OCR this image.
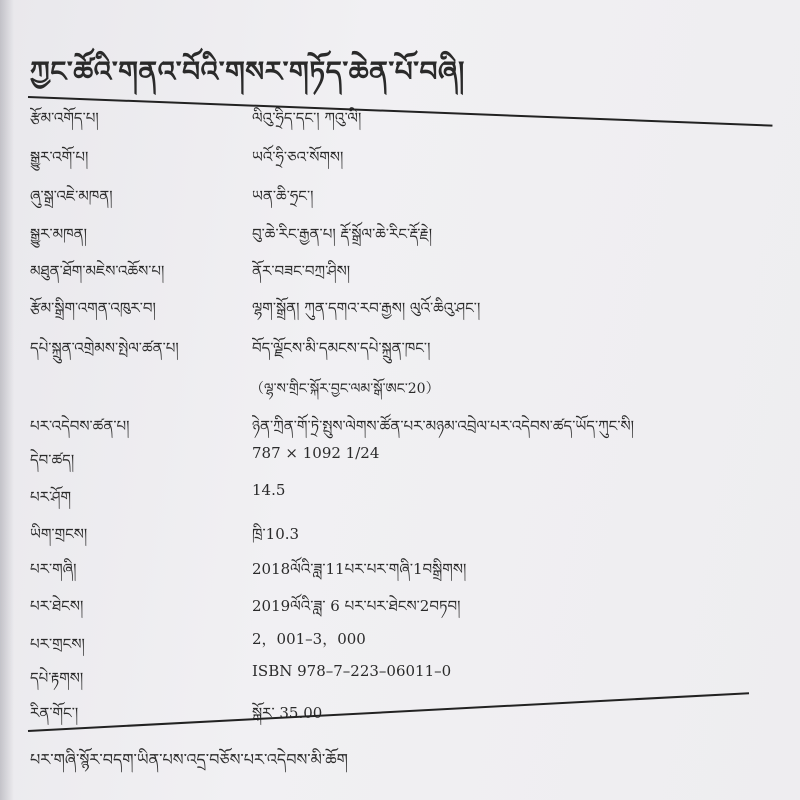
ཀྱང་ཚོའི་གནའ་བོའི་གསར་གཏོད་ཆེན་པོ་བཞི།
རྩོམ་འགོད་པ།	ལིའུ་ཧྲིད་དང་། ཀའུ་ལི།
སྒྱུར་འགོ་པ།	ཡའོ་ཧྲི་ཅའ་སོགས།
ཞུ་སྒྲ་འཇེ་མཁན།	ཡན་ཆི་ཧྲང་།
སྒྱུར་མཁན།	བུ་ཆེ་རིང་རྒྱན་པ། རྡོ་སྒྲོལ་ཆེ་རིང་རྡོ་རྗེ།
མཐུན་ཐོག་མཇེས་འཆོས་པ།	ནོར་བཟང་བཀྲ་ཤིས།
རྩོམ་སྒྲིག་འགན་འཁུར་བ།	ལྷག་སྒྲོན། ཀུན་དགའ་རབ་རྒྱས། ལུའོ་ཆིའུ་ཤང་།
དཔེ་སྐྲུན་འགྲེམས་སྤེལ་ཚན་པ།	བོད་ལྗོངས་མི་དམངས་དཔེ་སྐྲུན་ཁང་།
（ལྷ་ས་གྲིང་སྐོར་བྱང་ལམ་སྒོ་ཨང་20）
པར་འདེབས་ཚན་པ།	ཉེན་ཀྲིན་གོ་ཏྲེ་སྤུས་ལེགས་ཚོན་པར་མཉམ་འབྲེལ་པར་འདེབས་ཚད་ཡོད་ཀུང་སི།
དེབ་ཚད།	787 × 1092 1/24
པར་ཤོག	14.5
ཡིག་གྲངས།	ཁྲི་10.3
པར་གཞི།	2018ལོའི་ཟླ་11པར་པར་གཞི་1བསྒྲིགས།
པར་ཐེངས།	2019ལོའི་ཟླ་ 6 པར་པར་ཐེངས་2བཏབ།
པར་གྲངས།	2，001–3，000
དཔེ་རྟགས།	ISBN 978–7–223–06011–0
རིན་གོང་།	སྒོར་ 35.00
པར་གཞི་སྙོར་བདག་ཡིན་པས་འདྲ་བཅོས་པར་འདེབས་མི་ཆོག
